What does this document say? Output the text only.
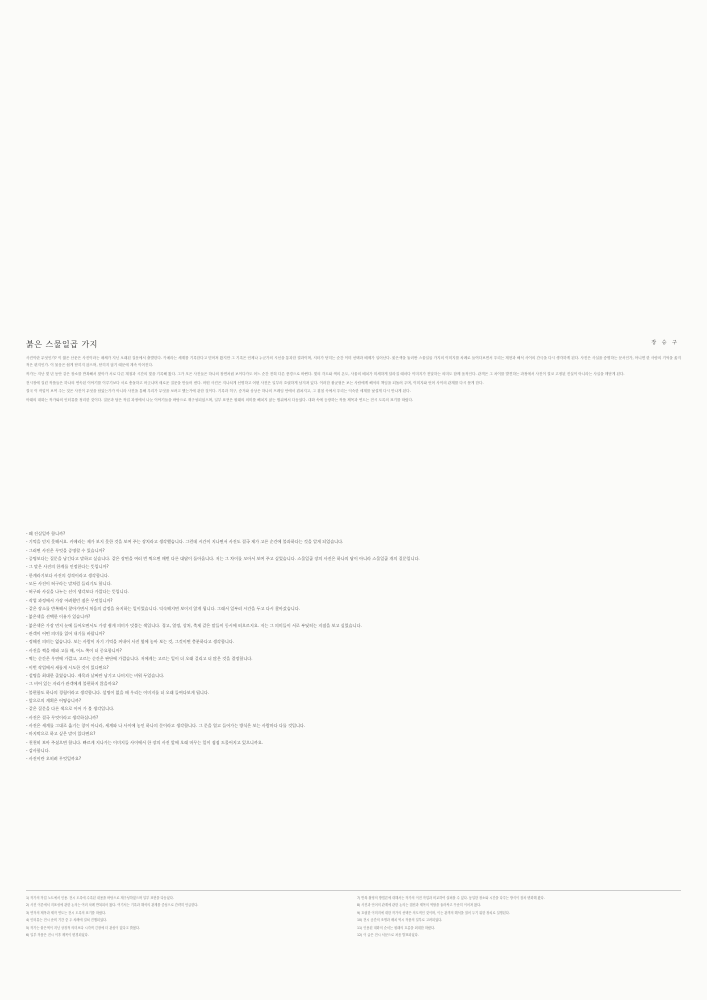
붉은 스물일곱 가지	장 승 구

사진이란 무엇인가? 이 짧은 산문은 사진이라는 매체가 지닌 오래된 질문에서 출발한다. 카메라는 세계를 기록한다고 믿어져 왔지만 그 기록은 언제나 누군가의 시선을 통과한 결과이며, 셔터가 닫히는 순간 이미 선택과 배제가 일어난다. 붉은색을 둘러싼 스물일곱 가지의 이미지를 차례로 들여다보면서 우리는 재현과 해석 사이의 간극을 다시 생각하게 된다. 사진은 사실을 증명하는 문서인가, 아니면 한 사람의 기억을 옮겨 적은 편지인가. 이 물음은 쉽게 닫히지 않으며, 닫히지 않기 때문에 계속 이어진다.

작가는 지난 몇 년 동안 같은 장소를 반복해서 찾아가 서로 다른 계절과 시간의 빛을 기록해 왔다. 그가 모은 사진들은 하나의 장면처럼 보이다가도 어느 순간 전혀 다른 풍경으로 바뀐다. 빛의 각도와 색의 온도, 사물의 배치가 미세하게 달라질 때마다 이미지가 전달하는 의미도 함께 움직인다. 관객은 그 차이를 발견하는 과정에서 사진이 결코 고정된 진실이 아니라는 사실을 깨닫게 된다.

전시장에 걸린 작품들은 하나의 연속된 이야기를 이루기보다 서로 충돌하고 어긋나며 새로운 질문을 만들어 낸다. 어떤 사진은 지나치게 선명하고 어떤 사진은 일부러 흐릿하게 남겨져 있다. 이러한 불균형은 보는 사람에게 해석의 책임을 되돌려 주며, 이미지와 언어 사이의 관계를 다시 묻게 한다.

결국 이 작업이 보여 주는 것은 사진이 무엇을 담았는가가 아니라 사진을 통해 우리가 무엇을 보려고 했는가에 관한 것이다. 기록과 허구, 증거와 상상은 하나의 프레임 안에서 겹쳐지고, 그 겹침 속에서 우리는 익숙한 세계를 낯설게 다시 만나게 된다.

아래의 대화는 작가와의 인터뷰를 정리한 것이다. 질문과 답은 작업 과정에서 나눈 이야기들을 바탕으로 재구성되었으며, 일부 표현은 원래의 의미를 해치지 않는 범위에서 다듬었다. 대화 속에 등장하는 작품 제목과 연도는 전시 도록의 표기를 따랐다.

- 왜 진실일까 합니까?
- 기억을 믿지 못해서요. 카메라는 제가 보지 못한 것을 보여 주는 장치라고 생각했습니다. 그런데 시간이 지나면서 사진도 결국 제가 고른 순간에 불과하다는 것을 알게 되었습니다.
- 그러면 사진은 무엇을 증명할 수 있습니까?
- 증명보다는 질문을 남긴다고 말하고 싶습니다. 같은 장면을 여러 번 찍으면 매번 다른 대답이 돌아옵니다. 저는 그 차이를 모아서 보여 주고 싶었습니다. 스물일곱 장의 사진은 하나의 답이 아니라 스물일곱 개의 질문입니다.
- 그 말은 사진의 한계를 인정한다는 뜻입니까?
- 한계라기보다 사진의 성격이라고 생각합니다.
- 모든 사진이 허구라는 말처럼 들리기도 합니다.
- 허구와 사실을 나누는 선이 생각보다 가깝다는 뜻입니다.
- 작업 과정에서 가장 어려웠던 점은 무엇입니까?
- 같은 장소를 반복해서 찾아가면서 처음의 감정을 유지하는 일이었습니다. 익숙해지면 보이지 않게 됩니다. 그래서 일부러 시간을 두고 다시 찾아갔습니다.
- 붉은색을 선택한 이유가 있습니까?
- 붉은색은 가장 먼저 눈에 들어오면서도 가장 쉽게 의미가 덧붙는 색입니다. 경고, 열정, 상처, 축제 같은 말들이 동시에 떠오르지요. 저는 그 의미들이 서로 부딪히는 지점을 보고 싶었습니다.
- 관객이 어떤 의미를 읽어 내기를 바랍니까?
- 정해진 의미는 없습니다. 보는 사람이 자기 기억을 꺼내어 사진 옆에 놓아 보는 것, 그것이면 충분하다고 생각합니다.
- 사진을 찍을 때와 고를 때, 어느 쪽이 더 중요합니까?
- 찍는 순간은 우연에 가깝고, 고르는 순간은 판단에 가깝습니다. 저에게는 고르는 일이 더 오래 걸리고 더 많은 것을 결정합니다.
- 이번 작업에서 새롭게 시도한 것이 있다면요?
- 설명을 최대한 줄였습니다. 제목과 날짜만 남기고 나머지는 비워 두었습니다.
- 그 비어 있는 자리가 관객에게 불편하지 않을까요?
- 불편함도 하나의 경험이라고 생각합니다. 설명이 없을 때 우리는 이미지를 더 오래 들여다보게 됩니다.
- 앞으로의 계획은 어떻습니까?
- 같은 질문을 다른 색으로 이어 가 볼 생각입니다.
- 사진은 결국 무엇이라고 생각하십니까?
- 사진은 세계를 그대로 옮기는 창이 아니라, 세계와 나 사이에 놓인 하나의 문이라고 생각합니다. 그 문을 열고 들어가는 방식은 보는 사람마다 다를 것입니다.
- 마지막으로 하고 싶은 말이 있다면요?
- 천천히 보아 주셨으면 합니다. 빠르게 지나가는 이미지들 사이에서 한 장의 사진 앞에 오래 머무는 일이 점점 드물어지고 있으니까요.
- 감사합니다.
- 사진이란 오히려 무엇일까요?
1) 작가의 작업 노트에서 인용. 전시 도록에 수록된 내용을 바탕으로 재구성하였으며 일부 표현을 다듬었다.
2) 사진 이론에서 지표성에 관한 논의는 여러 차례 반복되어 왔다. 여기서는 기록과 해석의 관계를 중심으로 간략히 언급한다.
3) 연작의 제목과 제작 연도는 전시 도록의 표기를 따랐다.
4) 인터뷰는 전시 준비 기간 중 두 차례에 걸쳐 진행되었다.
5) 작가는 붉은색이 지닌 상징적 의미보다 시각적 긴장에 더 관심이 있다고 밝혔다.
6) 일부 작품은 전시 이후 제목이 변경되었다.
7) 반복 촬영의 방법론에 대해서는 작가의 이전 작업과 비교하여 살펴볼 수 있다. 동일한 장소와 시간을 다루는 방식이 점차 변화해 왔다.
8) 사진과 언어의 관계에 관한 논의는 캡션과 제목의 역할을 둘러싸고 꾸준히 이어져 왔다.
9) 흐릿한 이미지에 대한 작가의 선택은 의도적인 것이며, 이는 관객의 해석을 열어 두기 위한 장치로 설명된다.
10) 전시 공간의 조명과 배치 역시 작품의 일부로 고려되었다.
11) 인용된 대화의 순서는 원래의 흐름을 최대한 따랐다.
12) 이 글은 전시 서문으로 처음 발표되었다.
